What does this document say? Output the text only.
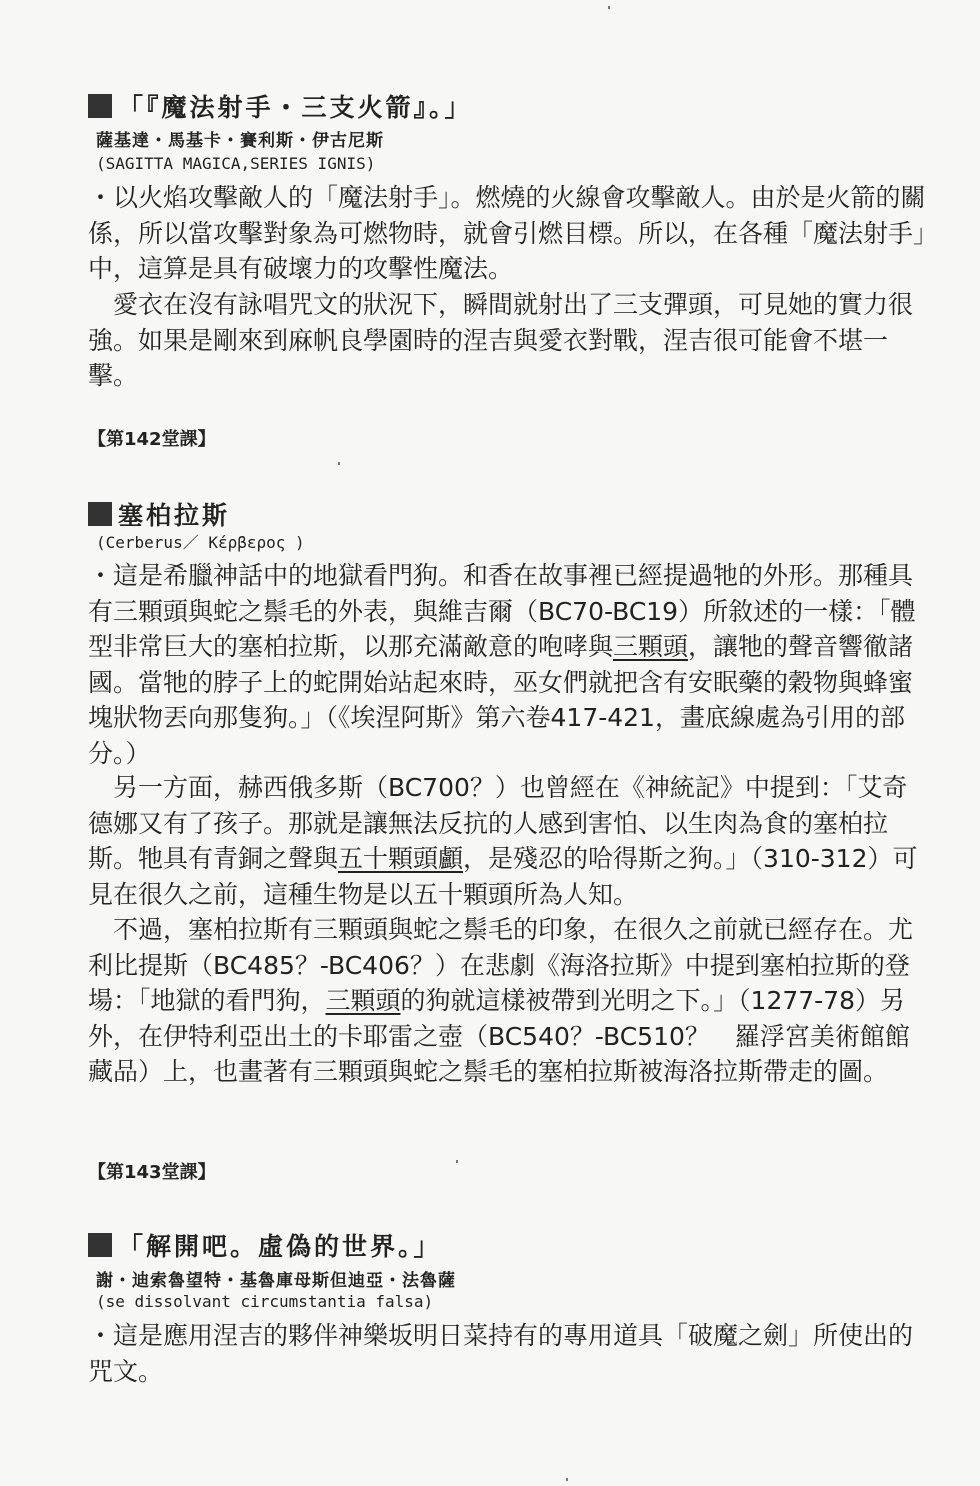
「『魔法射手・三支火箭』。」
薩基達・馬基卡・賽利斯・伊古尼斯
(SAGITTA MAGICA,SERIES IGNIS)

・以火焰攻擊敵人的「魔法射手」。燃燒的火線會攻擊敵人。由於是火箭的關係，所以當攻擊對象為可燃物時，就會引燃目標。所以，在各種「魔法射手」中，這算是具有破壞力的攻擊性魔法。

　愛衣在沒有詠唱咒文的狀況下，瞬間就射出了三支彈頭，可見她的實力很強。如果是剛來到麻帆良學園時的涅吉與愛衣對戰，涅吉很可能會不堪一擊。

【第142堂課】
塞柏拉斯
(Cerberus／ Κέρβερος )

・這是希臘神話中的地獄看門狗。和香在故事裡已經提過牠的外形。那種具有三顆頭與蛇之鬃毛的外表，與維吉爾（BC70-BC19）所敘述的一樣：「體型非常巨大的塞柏拉斯，以那充滿敵意的咆哮與三顆頭，讓牠的聲音響徹諸國。當牠的脖子上的蛇開始站起來時，巫女們就把含有安眠藥的穀物與蜂蜜塊狀物丟向那隻狗。」（《埃涅阿斯》第六卷417-421，畫底線處為引用的部分。）

　另一方面，赫西俄多斯（BC700？）也曾經在《神統記》中提到：「艾奇德娜又有了孩子。那就是讓無法反抗的人感到害怕、以生肉為食的塞柏拉斯。牠具有青銅之聲與五十顆頭顱，是殘忍的哈得斯之狗。」（310-312）可見在很久之前，這種生物是以五十顆頭所為人知。

　不過，塞柏拉斯有三顆頭與蛇之鬃毛的印象，在很久之前就已經存在。尤利比提斯（BC485？-BC406？）在悲劇《海洛拉斯》中提到塞柏拉斯的登場：「地獄的看門狗，三顆頭的狗就這樣被帶到光明之下。」（1277-78）另外，在伊特利亞出土的卡耶雷之壺（BC540？-BC510？　羅浮宮美術館館藏品）上，也畫著有三顆頭與蛇之鬃毛的塞柏拉斯被海洛拉斯帶走的圖。

【第143堂課】
「解開吧。虛偽的世界。」
謝・迪索魯望特・基魯庫母斯但迪亞・法魯薩
(se dissolvant circumstantia falsa)

・這是應用涅吉的夥伴神樂坂明日菜持有的專用道具「破魔之劍」所使出的咒文。
